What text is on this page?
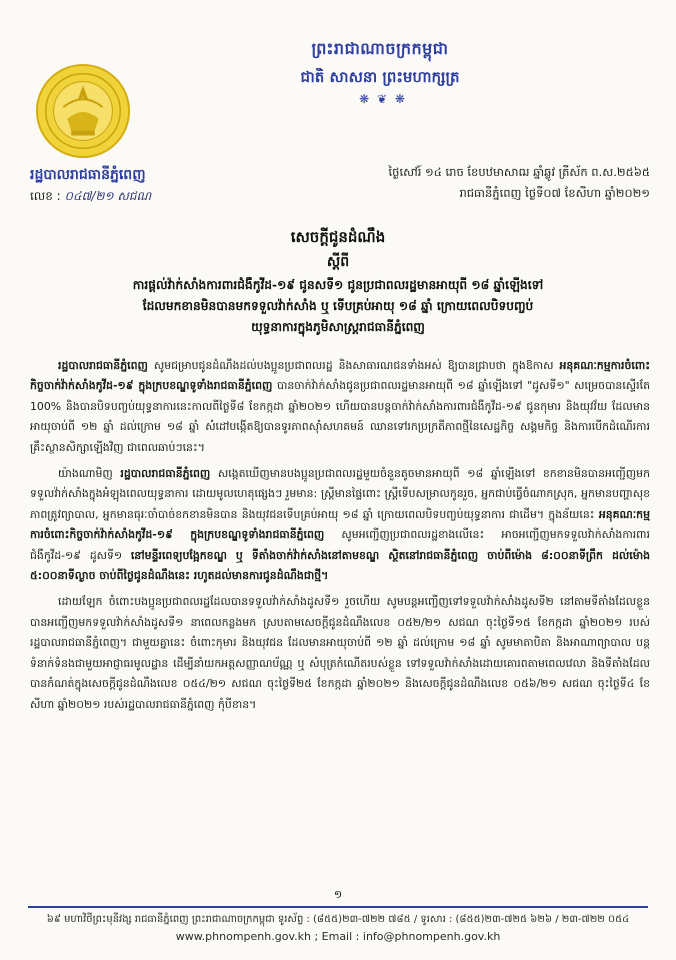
ព្រះរាជាណាចក្រកម្ពុជា
ជាតិ សាសនា ព្រះមហាក្សត្រ
❋ ❦ ❋
រដ្ឋបាលរាជធានីភ្នំពេញ
លេខ : ០៤៧/២១ សជណ
ថ្ងៃសៅរ៍ ១៤ រោច ខែបឋមាសាឍ ឆ្នាំឆ្លូវ ត្រីស័ក ព.ស.២៥៦៥
រាជធានីភ្នំពេញ ថ្ងៃទី០៧ ខែសីហា ឆ្នាំ២០២១
សេចក្តីជូនដំណឹង
ស្តីពី
ការផ្តល់វ៉ាក់សាំងការពារជំងឺកូវីដ-១៩ ជូនសទី១ ជូនប្រជាពលរដ្ឋមានអាយុពី ១៨ ឆ្នាំឡើងទៅ
ដែលមកខានមិនបានមកទទួលវ៉ាក់សាំង ឬ ទើបគ្រប់អាយុ ១៨ ឆ្នាំ ក្រោយពេលបិទបញ្ចប់
យុទ្ធនាការក្នុងភូមិសាស្ត្ររាជធានីភ្នំពេញ

រដ្ឋបាលរាជធានីភ្នំពេញ សូមជម្រាបជូនដំណឹងដល់បងប្អូនប្រជាពលរដ្ឋ និងសាធារណជនទាំងអស់ ឱ្យបានជ្រាបថា ក្នុងឱកាស អនុគណៈកម្មការចំពោះកិច្ចចាក់វ៉ាក់សាំងកូវីដ-១៩ ក្នុងក្របខណ្ឌទូទាំងរាជធានីភ្នំពេញ បានចាក់វ៉ាក់សាំងជូនប្រជាពលរដ្ឋមានអាយុពី ១៨ ឆ្នាំឡើងទៅ "ដូសទី១" សម្រេចបានស្ទើរតែ 100% និងបានបិទបញ្ចប់យុទ្ធនាការនេះកាលពីថ្ងៃទី៨ ខែកក្កដា ឆ្នាំ២០២១ ហើយបានបន្តចាក់វ៉ាក់សាំងការពារជំងឺកូវីដ-១៩ ជូនកុមារ និងយុវវ័យ ដែលមានអាយុចាប់ពី ១២ ឆ្នាំ ដល់ក្រោម ១៨ ឆ្នាំ សំដៅបង្កើតឱ្យបានទូរភាពស៊ាំសហគមន៍ ឈានទៅរកប្រក្រតីភាពថ្មីនៃសេដ្ឋកិច្ច សង្គមកិច្ច និងការបើកដំណើរការគ្រឹះស្ថានសិក្សាឡើងវិញ ជាពេលឆាប់ៗនេះ។

យ៉ាងណាមិញ រដ្ឋបាលរាជធានីភ្នំពេញ សង្កេតឃើញមានបងប្អូនប្រជាពលរដ្ឋមួយចំនួនតូចមានអាយុពី ១៨ ឆ្នាំឡើងទៅ ខកខានមិនបានអញ្ជើញមកទទួលវ៉ាក់សាំងក្នុងអំឡុងពេលយុទ្ធនាការ ដោយមូលហេតុផ្សេងៗ រួមមាន: ស្ត្រីមានផ្ទៃពោះ ស្ត្រីទើបសម្រាលកូនរួច, អ្នកជាប់ធ្វើចំណាកស្រុក, អ្នកមានបញ្ហាសុខភាពត្រូវព្យាបាល, អ្នកមានធុរៈចាំបាច់ខកខានមិនបាន និងយុវជនទើបគ្រប់អាយុ ១៨ ឆ្នាំ ក្រោយពេលបិទបញ្ចប់យុទ្ធនាការ ជាដើម។ ក្នុងន័យនេះ អនុគណៈកម្មការចំពោះកិច្ចចាក់វ៉ាក់សាំងកូវីដ-១៩ ក្នុងក្របខណ្ឌទូទាំងរាជធានីភ្នំពេញ សូមអញ្ជើញប្រជាពលរដ្ឋខាងលើនេះ អាចអញ្ជើញមកទទួលវ៉ាក់សាំងការពារជំងឺកូវីដ-១៩ ដូសទី១ នៅមន្ទីរពេទ្យបង្អែកខណ្ឌ ឬ ទីតាំងចាក់វ៉ាក់សាំងនៅតាមខណ្ឌ ស្ថិតនៅរាជធានីភ្នំពេញ ចាប់ពីម៉ោង ៨:០០នាទីព្រឹក ដល់ម៉ោង ៥:០០នាទីល្ងាច ចាប់ពីថ្ងៃជូនដំណឹងនេះ រហូតដល់មានការជូនដំណឹងជាថ្មី។

ដោយឡែក ចំពោះបងប្អូនប្រជាពលរដ្ឋដែលបានទទួលវ៉ាក់សាំងដូសទី១ រួចហើយ សូមបន្តអញ្ជើញទៅទទួលវ៉ាក់សាំងដូសទី២ នៅតាមទីតាំងដែលខ្លួនបានអញ្ជើញមកទទួលវ៉ាក់សាំងដូសទី១ នាពេលកន្លងមក ស្របតាមសេចក្តីជូនដំណឹងលេខ ០៥២/២១ សជណ ចុះថ្ងៃទី១៥ ខែកក្កដា ឆ្នាំ២០២១ របស់រដ្ឋបាលរាជធានីភ្នំពេញ។ ជាមួយគ្នានេះ ចំពោះកុមារ និងយុវជន ដែលមានអាយុចាប់ពី ១២ ឆ្នាំ ដល់ក្រោម ១៨ ឆ្នាំ សូមមាតាបិតា និងអាណាព្យាបាល បន្តទំនាក់ទំនងជាមួយអាជ្ញាធរមូលដ្ឋាន ដើម្បីនាំយកអត្តសញ្ញាណប័ណ្ណ ឬ សំបុត្រកំណើតរបស់ខ្លួន ទៅទទួលវ៉ាក់សាំងដោយគោរពតាមពេលវេលា និងទីតាំងដែលបានកំណត់ក្នុងសេចក្តីជូនដំណឹងលេខ ០៥៤/២១ សជណ ចុះថ្ងៃទី២៥ ខែកក្កដា ឆ្នាំ២០២១ និងសេចក្តីជូនដំណឹងលេខ ០៥៦/២១ សជណ ចុះថ្ងៃទី៤ ខែសីហា ឆ្នាំ២០២១ របស់រដ្ឋបាលរាជធានីភ្នំពេញ កុំបីខាន។

១
៦៩ មហាវិថីព្រះមុនីវង្ស រាជធានីភ្នំពេញ ព្រះរាជាណាចក្រកម្ពុជា ទូរស័ព្ទ : (៨៥៥)២៣-៧២២ ៧៨៥ / ទូរសារ : (៨៥៥)២៣-៧២៥ ៦២៦ / ២៣-៧២២ ០៥៤
www.phnompenh.gov.kh ; Email : info@phnompenh.gov.kh
